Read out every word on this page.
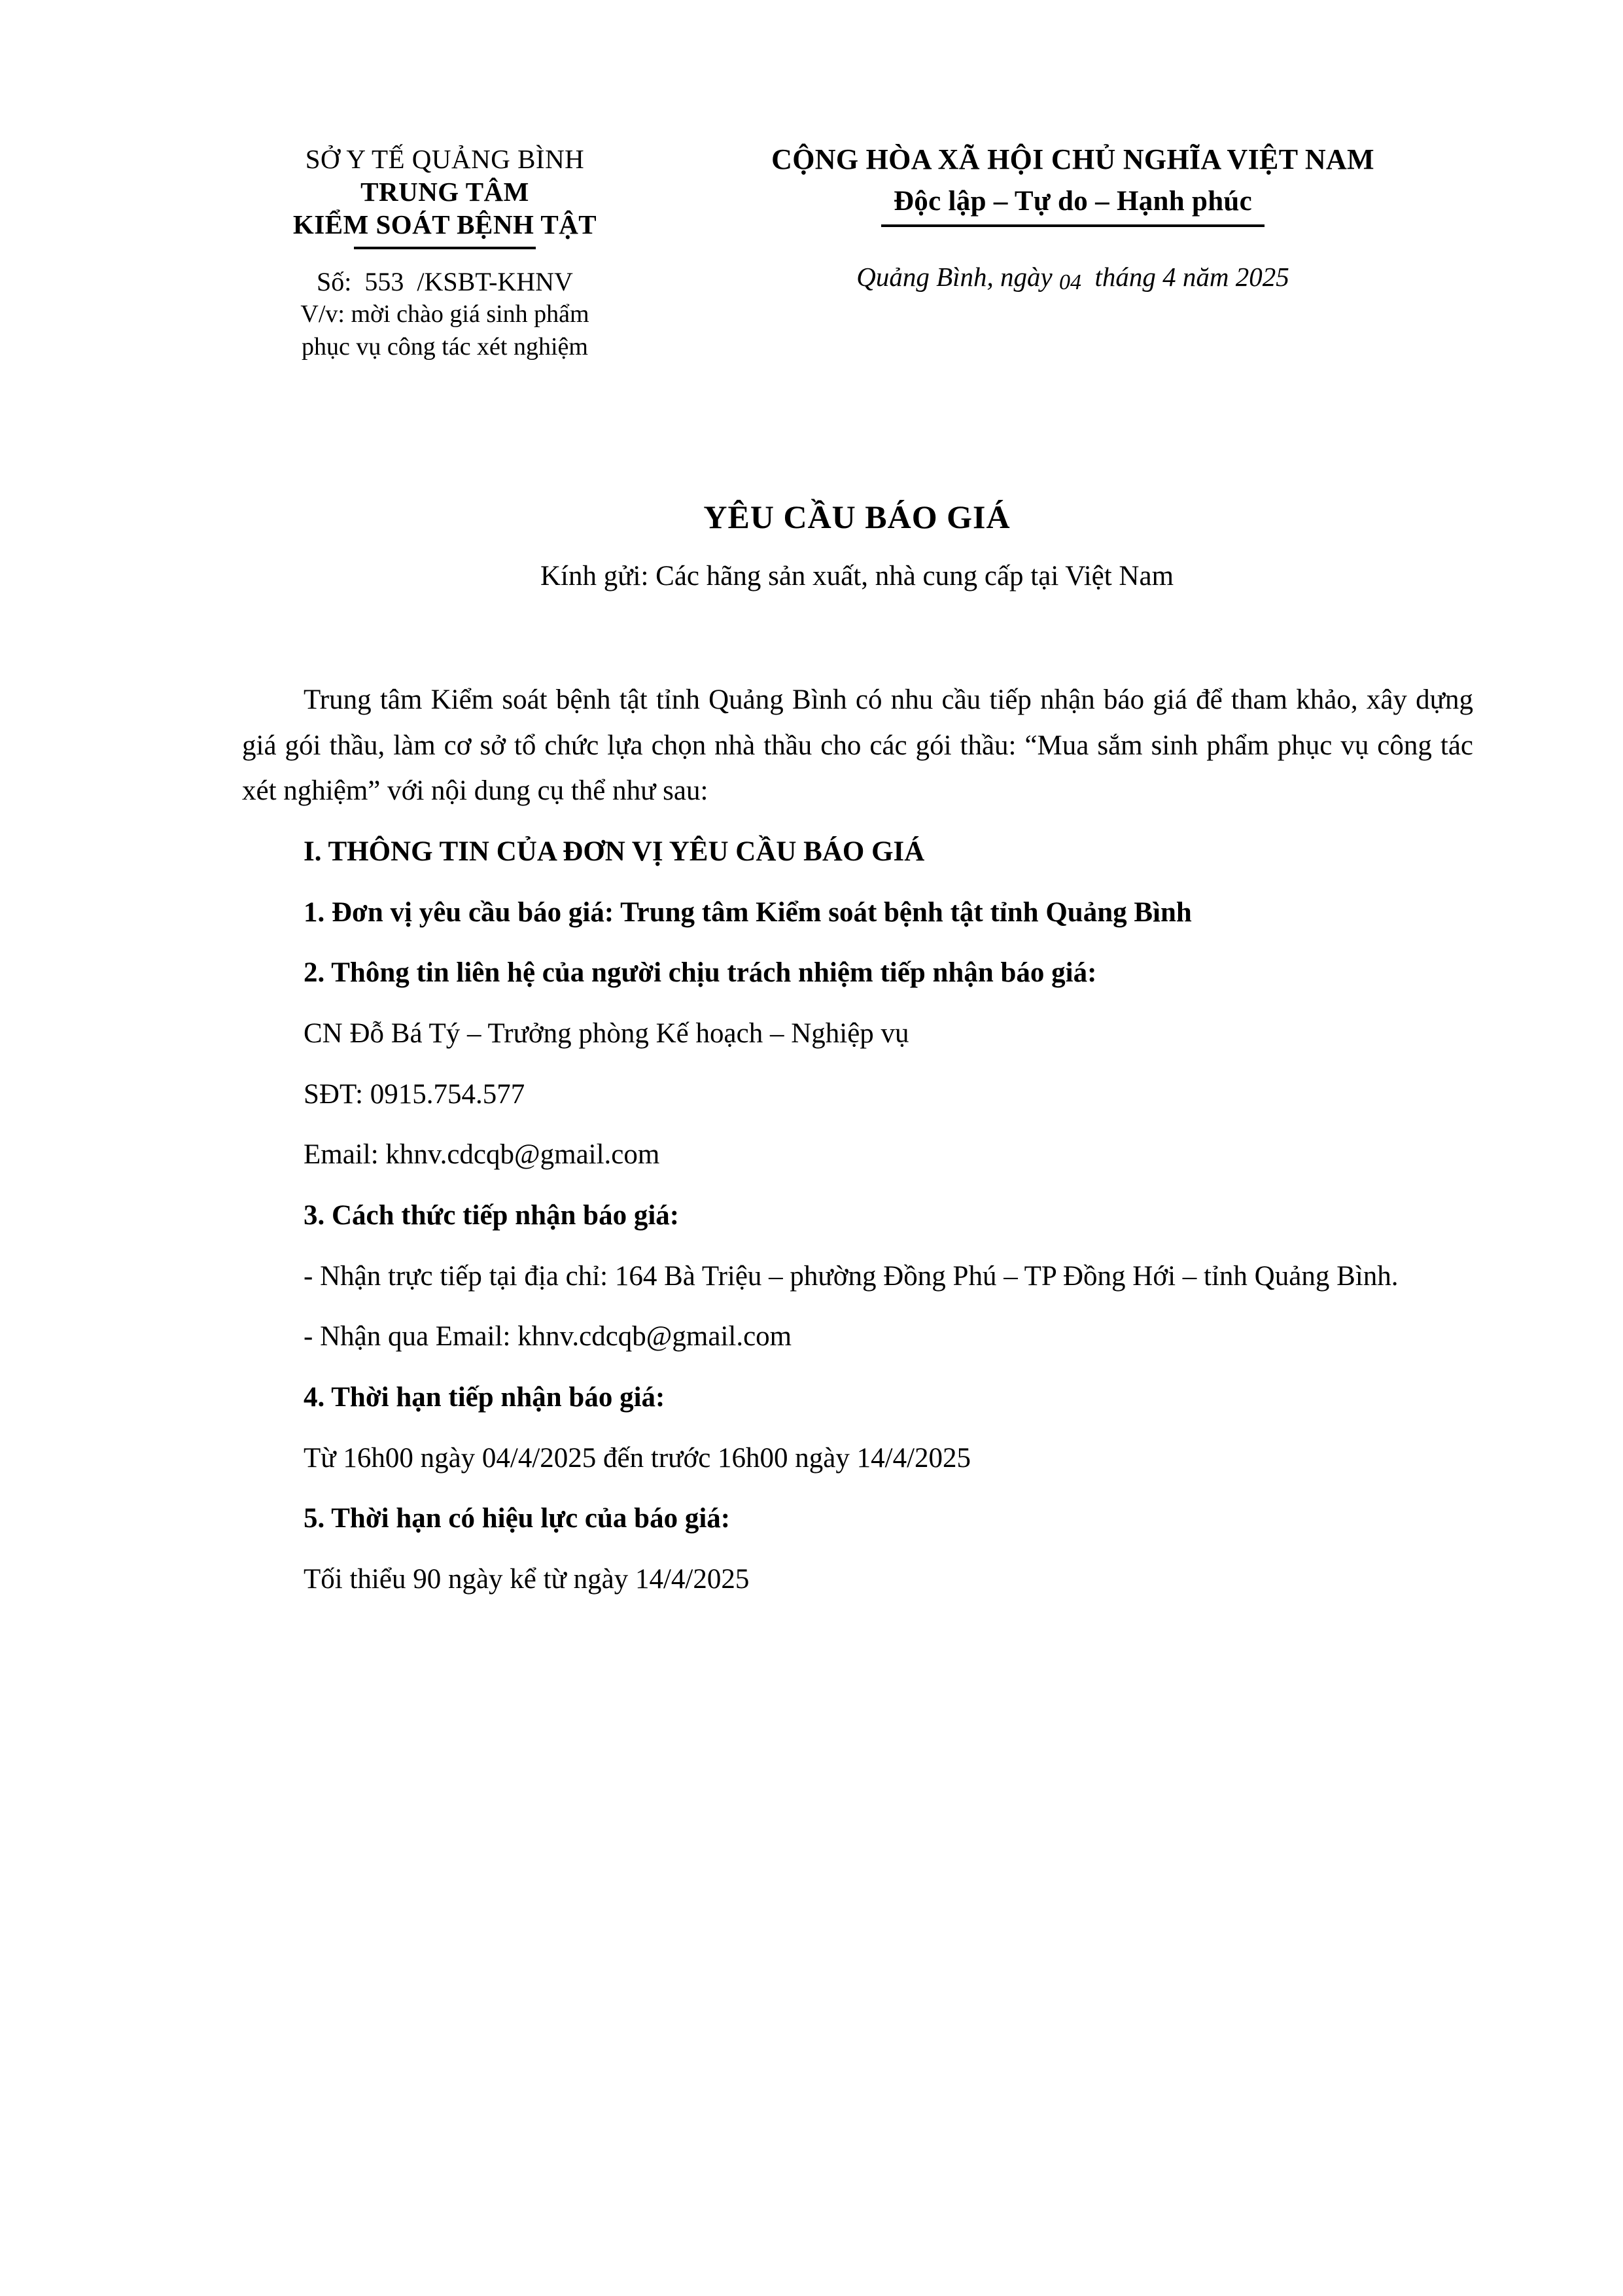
SỞ Y TẾ QUẢNG BÌNH
TRUNG TÂM
KIỂM SOÁT BỆNH TẬT
Số:  553  /KSBT-KHNV
V/v: mời chào giá sinh phẩm
phục vụ công tác xét nghiệm
CỘNG HÒA XÃ HỘI CHỦ NGHĨA VIỆT NAM
Độc lập – Tự do – Hạnh phúc
Quảng Bình, ngày 04  tháng 4 năm 2025
YÊU CẦU BÁO GIÁ
Kính gửi: Các hãng sản xuất, nhà cung cấp tại Việt Nam

Trung tâm Kiểm soát bệnh tật tỉnh Quảng Bình có nhu cầu tiếp nhận báo giá để tham khảo, xây dựng giá gói thầu, làm cơ sở tổ chức lựa chọn nhà thầu cho các gói thầu: “Mua sắm sinh phẩm phục vụ công tác xét nghiệm” với nội dung cụ thể như sau:

I. THÔNG TIN CỦA ĐƠN VỊ YÊU CẦU BÁO GIÁ

1. Đơn vị yêu cầu báo giá: Trung tâm Kiểm soát bệnh tật tỉnh Quảng Bình

2. Thông tin liên hệ của người chịu trách nhiệm tiếp nhận báo giá:

CN Đỗ Bá Tý – Trưởng phòng Kế hoạch – Nghiệp vụ

SĐT: 0915.754.577

Email: khnv.cdcqb@gmail.com

3. Cách thức tiếp nhận báo giá:

- Nhận trực tiếp tại địa chỉ: 164 Bà Triệu – phường Đồng Phú – TP Đồng Hới – tỉnh Quảng Bình.

- Nhận qua Email: khnv.cdcqb@gmail.com

4. Thời hạn tiếp nhận báo giá:

Từ 16h00 ngày 04/4/2025 đến trước 16h00 ngày 14/4/2025

5. Thời hạn có hiệu lực của báo giá:

Tối thiểu 90 ngày kể từ ngày 14/4/2025
